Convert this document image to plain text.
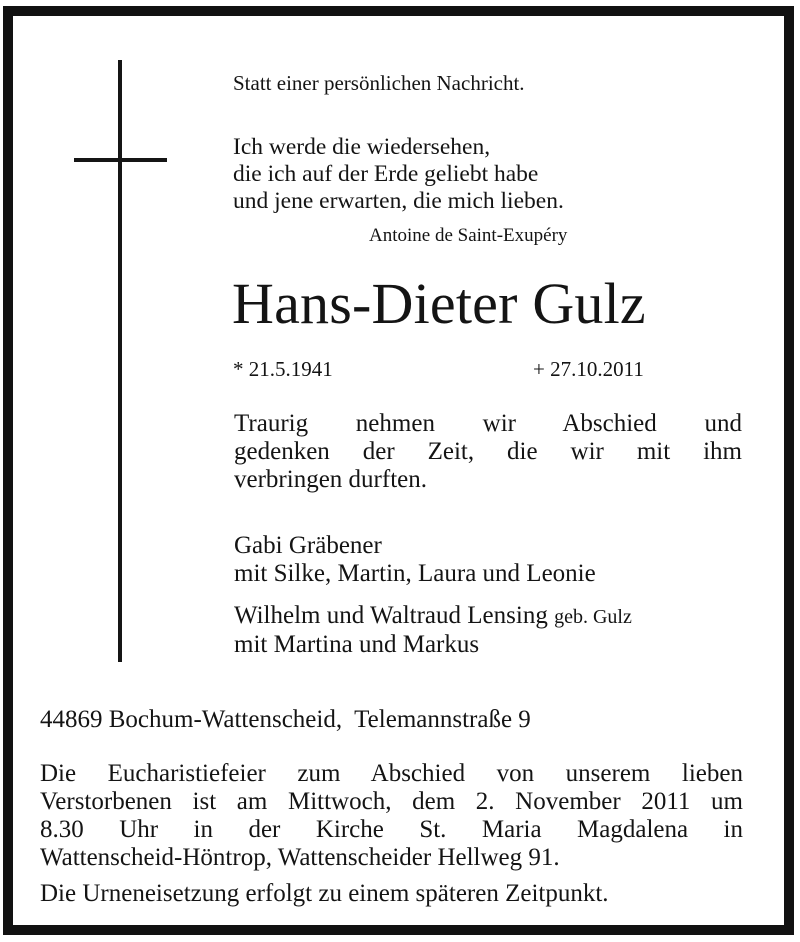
Statt einer persönlichen Nachricht.
Ich werde die wiedersehen,
die ich auf der Erde geliebt habe
und jene erwarten, die mich lieben.
Antoine de Saint-Exupéry
Hans-Dieter Gulz
* 21.5.1941	+ 27.10.2011
Traurig nehmen wir Abschied und
gedenken der Zeit, die wir mit ihm
verbringen durften.
Gabi Gräbener
mit Silke, Martin, Laura und Leonie
Wilhelm und Waltraud Lensing geb. Gulz
mit Martina und Markus
44869 Bochum-Wattenscheid, Telemannstraße 9
Die Eucharistiefeier zum Abschied von unserem lieben
Verstorbenen ist am Mittwoch, dem 2. November 2011 um
8.30 Uhr in der Kirche St. Maria Magdalena in
Wattenscheid-Höntrop, Wattenscheider Hellweg 91.
Die Urneneisetzung erfolgt zu einem späteren Zeitpunkt.
